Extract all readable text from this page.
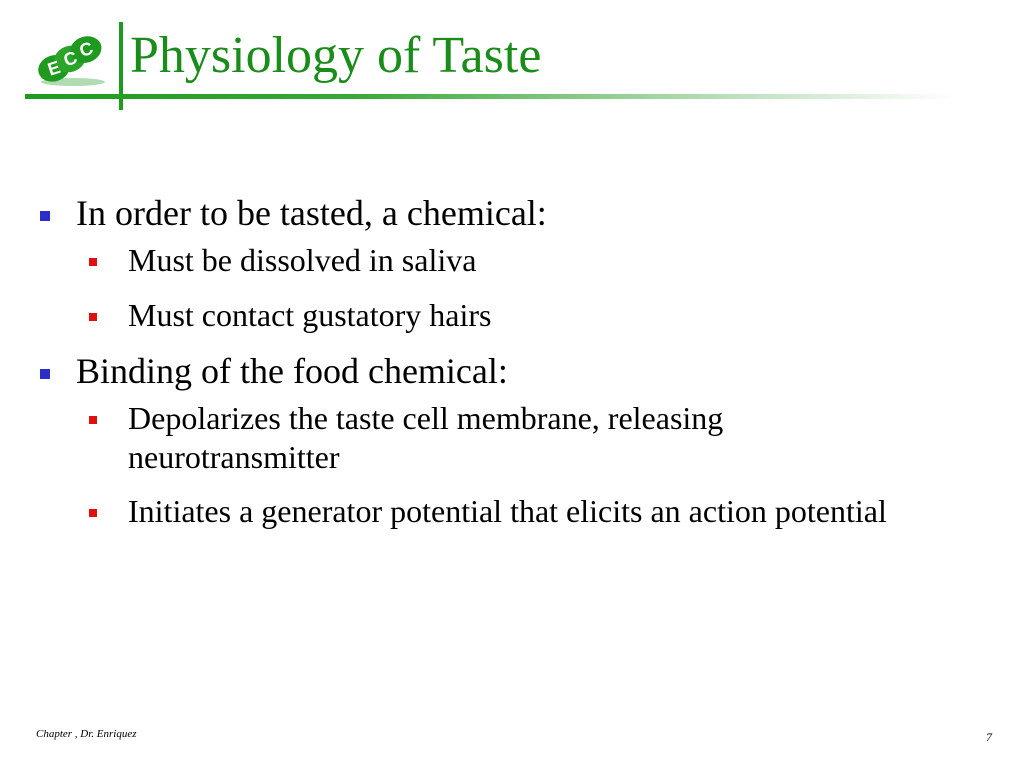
E
C
C Physiology of Taste
In order to be tasted, a chemical:
Must be dissolved in saliva
Must contact gustatory hairs
Binding of the food chemical:
Depolarizes the taste cell membrane, releasing neurotransmitter
Initiates a generator potential that elicits an action potential
Chapter , Dr. Enriquez	7
